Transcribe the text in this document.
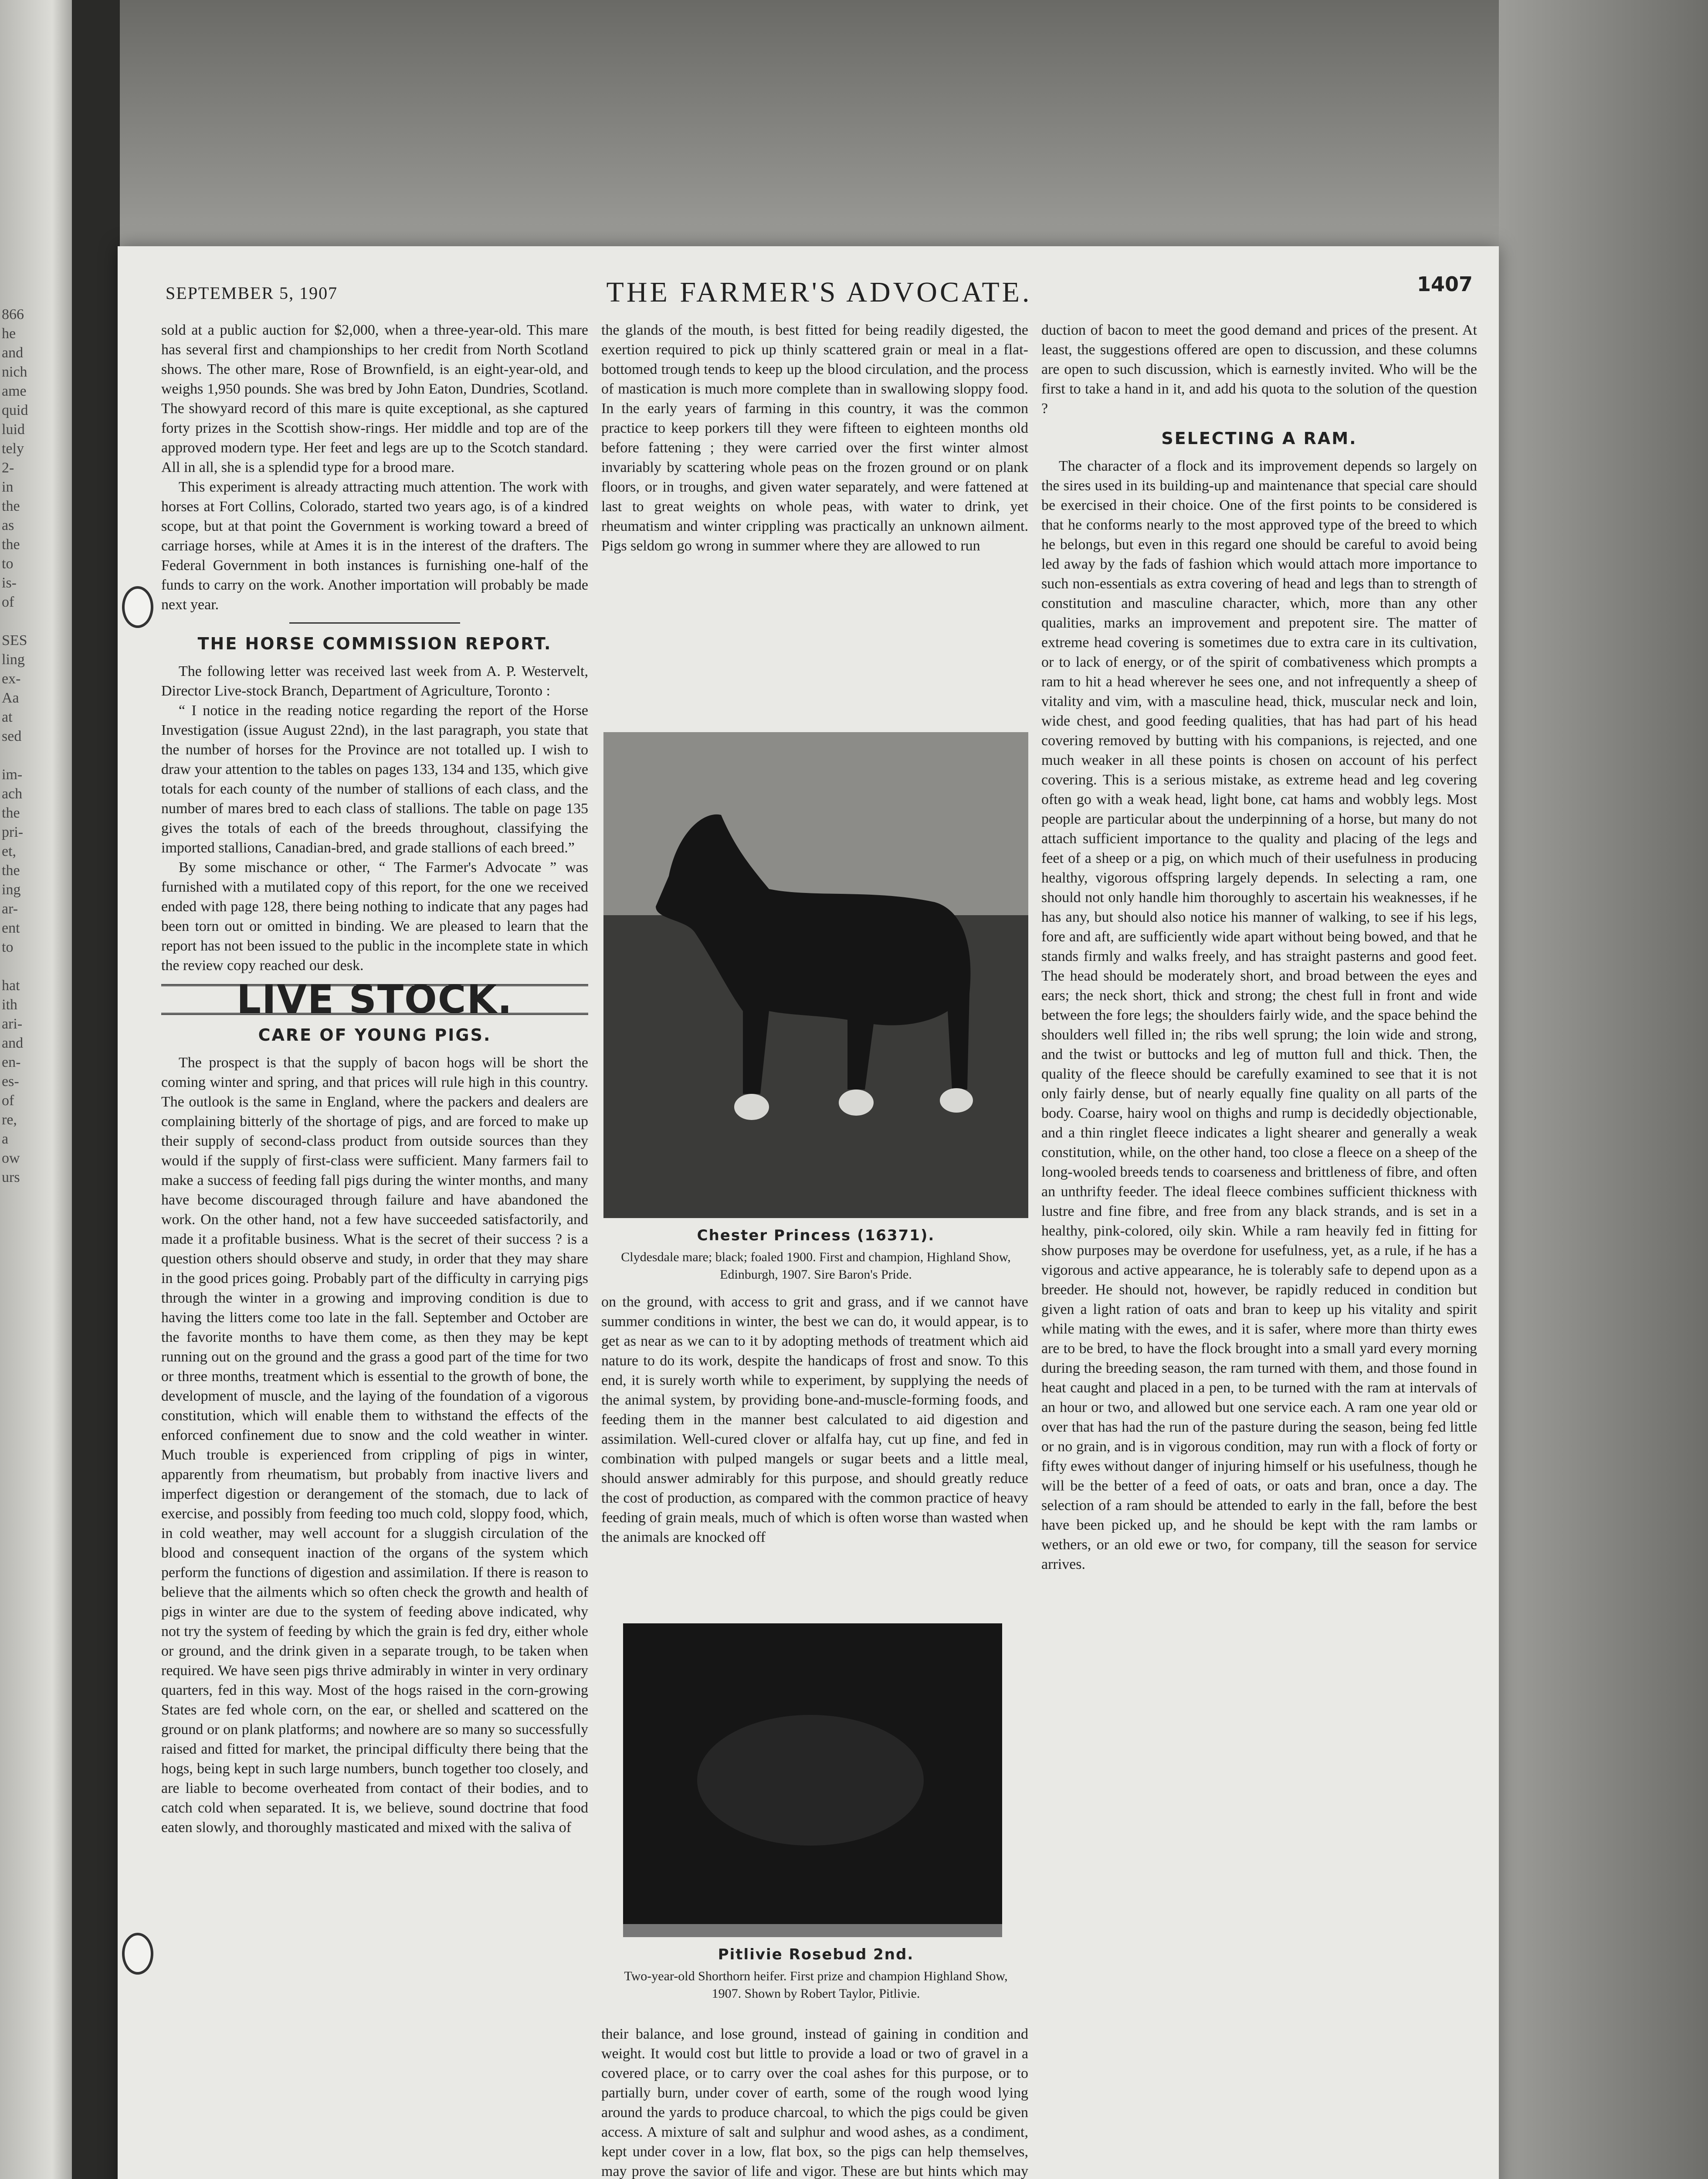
866
he
and
nich
ame
quid
luid
tely
2-
in
the
as
the
to
is-
of
SES
ling
ex-
Aa
at
sed
im-
ach
the
pri-
et,
the
ing
ar-
ent
to
hat
ith
ari-
and
en-
es-
of
re,
a
ow
urs
SEPTEMBER 5, 1907	THE FARMER'S ADVOCATE.	1407

sold at a public auction for $2,000, when a three-year-old. This mare has several first and championships to her credit from North Scotland shows. The other mare, Rose of Brownfield, is an eight-year-old, and weighs 1,950 pounds. She was bred by John Eaton, Dundries, Scotland. The showyard record of this mare is quite exceptional, as she captured forty prizes in the Scottish show-rings. Her middle and top are of the approved modern type. Her feet and legs are up to the Scotch standard. All in all, she is a splendid type for a brood mare.

This experiment is already attracting much attention. The work with horses at Fort Collins, Colorado, started two years ago, is of a kindred scope, but at that point the Government is working toward a breed of carriage horses, while at Ames it is in the interest of the drafters. The Federal Government in both instances is furnishing one-half of the funds to carry on the work. Another importation will probably be made next year.

THE HORSE COMMISSION REPORT.

The following letter was received last week from A. P. Westervelt, Director Live-stock Branch, Department of Agriculture, Toronto :

“ I notice in the reading notice regarding the report of the Horse Investigation (issue August 22nd), in the last paragraph, you state that the number of horses for the Province are not totalled up. I wish to draw your attention to the tables on pages 133, 134 and 135, which give totals for each county of the number of stallions of each class, and the number of mares bred to each class of stallions. The table on page 135 gives the totals of each of the breeds throughout, classifying the imported stallions, Canadian-bred, and grade stallions of each breed.”

By some mischance or other, “ The Farmer's Advocate ” was furnished with a mutilated copy of this report, for the one we received ended with page 128, there being nothing to indicate that any pages had been torn out or omitted in binding. We are pleased to learn that the report has not been issued to the public in the incomplete state in which the review copy reached our desk.

LIVE STOCK.
CARE OF YOUNG PIGS.

The prospect is that the supply of bacon hogs will be short the coming winter and spring, and that prices will rule high in this country. The outlook is the same in England, where the packers and dealers are complaining bitterly of the shortage of pigs, and are forced to make up their supply of second-class product from outside sources than they would if the supply of first-class were sufficient. Many farmers fail to make a success of feeding fall pigs during the winter months, and many have become discouraged through failure and have abandoned the work. On the other hand, not a few have succeeded satisfactorily, and made it a profitable business. What is the secret of their success ? is a question others should observe and study, in order that they may share in the good prices going. Probably part of the difficulty in carrying pigs through the winter in a growing and improving condition is due to having the litters come too late in the fall. September and October are the favorite months to have them come, as then they may be kept running out on the ground and the grass a good part of the time for two or three months, treatment which is essential to the growth of bone, the development of muscle, and the laying of the foundation of a vigorous constitution, which will enable them to withstand the effects of the enforced confinement due to snow and the cold weather in winter. Much trouble is experienced from crippling of pigs in winter, apparently from rheumatism, but probably from inactive livers and imperfect digestion or derangement of the stomach, due to lack of exercise, and possibly from feeding too much cold, sloppy food, which, in cold weather, may well account for a sluggish circulation of the blood and consequent inaction of the organs of the system which perform the functions of digestion and assimilation. If there is reason to believe that the ailments which so often check the growth and health of pigs in winter are due to the system of feeding above indicated, why not try the system of feeding by which the grain is fed dry, either whole or ground, and the drink given in a separate trough, to be taken when required. We have seen pigs thrive admirably in winter in very ordinary quarters, fed in this way. Most of the hogs raised in the corn-growing States are fed whole corn, on the ear, or shelled and scattered on the ground or on plank platforms; and nowhere are so many so successfully raised and fitted for market, the principal difficulty there being that the hogs, being kept in such large numbers, bunch together too closely, and are liable to become overheated from contact of their bodies, and to catch cold when separated. It is, we believe, sound doctrine that food eaten slowly, and thoroughly masticated and mixed with the saliva of

the glands of the mouth, is best fitted for being readily digested, the exertion required to pick up thinly scattered grain or meal in a flat-bottomed trough tends to keep up the blood circulation, and the process of mastication is much more complete than in swallowing sloppy food. In the early years of farming in this country, it was the common practice to keep porkers till they were fifteen to eighteen months old before fattening ; they were carried over the first winter almost invariably by scattering whole peas on the frozen ground or on plank floors, or in troughs, and given water separately, and were fattened at last to great weights on whole peas, with water to drink, yet rheumatism and winter crippling was practically an unknown ailment. Pigs seldom go wrong in summer where they are allowed to run

Chester Princess (16371).
Clydesdale mare; black; foaled 1900. First and champion, Highland Show, Edinburgh, 1907. Sire Baron's Pride.

on the ground, with access to grit and grass, and if we cannot have summer conditions in winter, the best we can do, it would appear, is to get as near as we can to it by adopting methods of treatment which aid nature to do its work, despite the handicaps of frost and snow. To this end, it is surely worth while to experiment, by supplying the needs of the animal system, by providing bone-and-muscle-forming foods, and feeding them in the manner best calculated to aid digestion and assimilation. Well-cured clover or alfalfa hay, cut up fine, and fed in combination with pulped mangels or sugar beets and a little meal, should answer admirably for this purpose, and should greatly reduce the cost of production, as compared with the common practice of heavy feeding of grain meals, much of which is often worse than wasted when the animals are knocked off

Pitlivie Rosebud 2nd.
Two-year-old Shorthorn heifer. First prize and champion Highland Show, 1907. Shown by Robert Taylor, Pitlivie.

their balance, and lose ground, instead of gaining in condition and weight. It would cost but little to provide a load or two of gravel in a covered place, or to carry over the coal ashes for this purpose, or to partially burn, under cover of earth, some of the rough wood lying around the yards to produce charcoal, to which the pigs could be given access. A mixture of salt and sulphur and wood ashes, as a condiment, kept under cover in a low, flat box, so the pigs can help themselves, may prove the savior of life and vigor. These are but hints which may

duction of bacon to meet the good demand and prices of the present. At least, the suggestions offered are open to discussion, and these columns are open to such discussion, which is earnestly invited. Who will be the first to take a hand in it, and add his quota to the solution of the question ?

SELECTING A RAM.

The character of a flock and its improvement depends so largely on the sires used in its building-up and maintenance that special care should be exercised in their choice. One of the first points to be considered is that he conforms nearly to the most approved type of the breed to which he belongs, but even in this regard one should be careful to avoid being led away by the fads of fashion which would attach more importance to such non-essentials as extra covering of head and legs than to strength of constitution and masculine character, which, more than any other qualities, marks an improvement and prepotent sire. The matter of extreme head covering is sometimes due to extra care in its cultivation, or to lack of energy, or of the spirit of combativeness which prompts a ram to hit a head wherever he sees one, and not infrequently a sheep of vitality and vim, with a masculine head, thick, muscular neck and loin, wide chest, and good feeding qualities, that has had part of his head covering removed by butting with his companions, is rejected, and one much weaker in all these points is chosen on account of his perfect covering. This is a serious mistake, as extreme head and leg covering often go with a weak head, light bone, cat hams and wobbly legs. Most people are particular about the underpinning of a horse, but many do not attach sufficient importance to the quality and placing of the legs and feet of a sheep or a pig, on which much of their usefulness in producing healthy, vigorous offspring largely depends. In selecting a ram, one should not only handle him thoroughly to ascertain his weaknesses, if he has any, but should also notice his manner of walking, to see if his legs, fore and aft, are sufficiently wide apart without being bowed, and that he stands firmly and walks freely, and has straight pasterns and good feet. The head should be moderately short, and broad between the eyes and ears; the neck short, thick and strong; the chest full in front and wide between the fore legs; the shoulders fairly wide, and the space behind the shoulders well filled in; the ribs well sprung; the loin wide and strong, and the twist or buttocks and leg of mutton full and thick. Then, the quality of the fleece should be carefully examined to see that it is not only fairly dense, but of nearly equally fine quality on all parts of the body. Coarse, hairy wool on thighs and rump is decidedly objectionable, and a thin ringlet fleece indicates a light shearer and generally a weak constitution, while, on the other hand, too close a fleece on a sheep of the long-wooled breeds tends to coarseness and brittleness of fibre, and often an unthrifty feeder. The ideal fleece combines sufficient thickness with lustre and fine fibre, and free from any black strands, and is set in a healthy, pink-colored, oily skin. While a ram heavily fed in fitting for show purposes may be overdone for usefulness, yet, as a rule, if he has a vigorous and active appearance, he is tolerably safe to depend upon as a breeder. He should not, however, be rapidly reduced in condition but given a light ration of oats and bran to keep up his vitality and spirit while mating with the ewes, and it is safer, where more than thirty ewes are to be bred, to have the flock brought into a small yard every morning during the breeding season, the ram turned with them, and those found in heat caught and placed in a pen, to be turned with the ram at intervals of an hour or two, and allowed but one service each. A ram one year old or over that has had the run of the pasture during the season, being fed little or no grain, and is in vigorous condition, may run with a flock of forty or fifty ewes without danger of injuring himself or his usefulness, though he will be the better of a feed of oats, or oats and bran, once a day. The selection of a ram should be attended to early in the fall, before the best have been picked up, and he should be kept with the ram lambs or wethers, or an old ewe or two, for company, till the season for service arrives.
